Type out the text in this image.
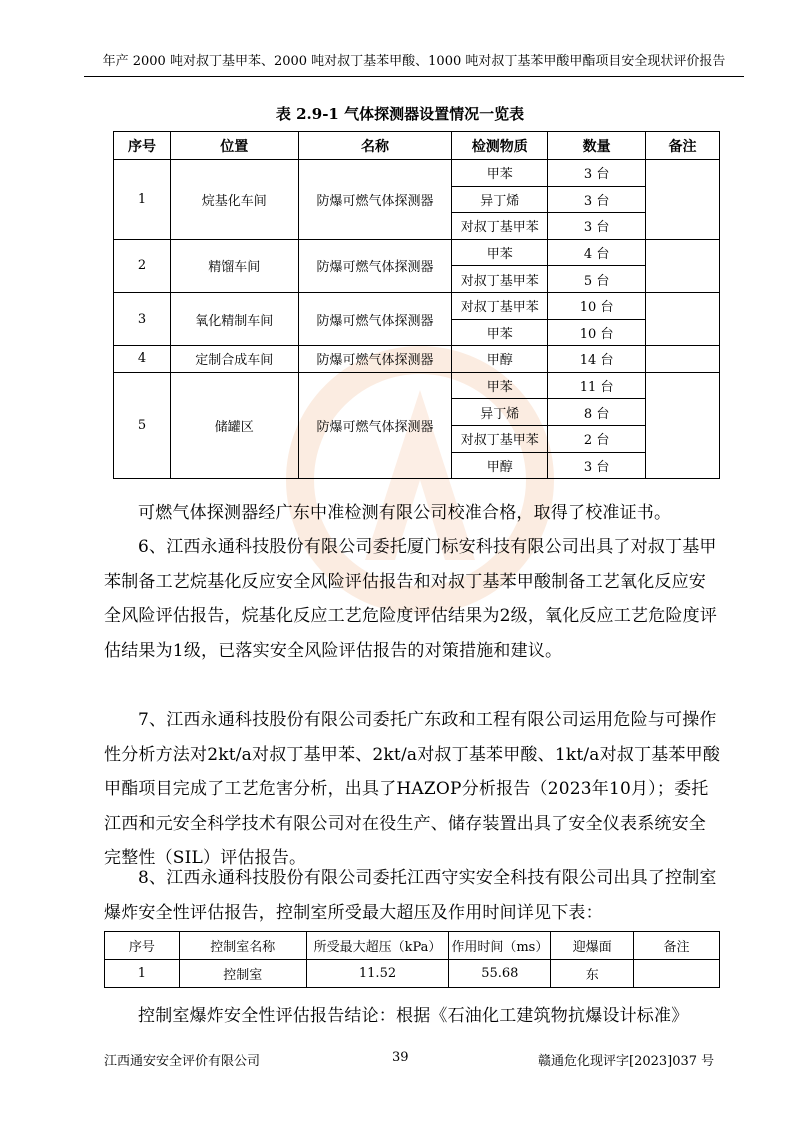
年产 2000 吨对叔丁基甲苯、2000 吨对叔丁基苯甲酸、1000 吨对叔丁基苯甲酸甲酯项目安全现状评价报告
表 2.9-1 气体探测器设置情况一览表
序号	位置	名称	检测物质	数量	备注
1	烷基化车间	防爆可燃气体探测器	甲苯	3 台	
			异丁烯	3 台	
			对叔丁基甲苯	3 台	
2	精馏车间	防爆可燃气体探测器	甲苯	4 台	
			对叔丁基甲苯	5 台	
3	氧化精制车间	防爆可燃气体探测器	对叔丁基甲苯	10 台	
			甲苯	10 台	
4	定制合成车间	防爆可燃气体探测器	甲醇	14 台	
5	储罐区	防爆可燃气体探测器	甲苯	11 台	
			异丁烯	8 台	
			对叔丁基甲苯	2 台	
			甲醇	3 台	
可燃气体探测器经广东中准检测有限公司校准合格，取得了校准证书。
6、江西永通科技股份有限公司委托厦门标安科技有限公司出具了对叔丁基甲苯制备工艺烷基化反应安全风险评估报告和对叔丁基苯甲酸制备工艺氧化反应安全风险评估报告，烷基化反应工艺危险度评估结果为2级，氧化反应工艺危险度评估结果为1级，已落实安全风险评估报告的对策措施和建议。
7、江西永通科技股份有限公司委托广东政和工程有限公司运用危险与可操作性分析方法对2kt/a对叔丁基甲苯、2kt/a对叔丁基苯甲酸、1kt/a对叔丁基苯甲酸甲酯项目完成了工艺危害分析，出具了HAZOP分析报告（2023年10月）；委托江西和元安全科学技术有限公司对在役生产、储存装置出具了安全仪表系统安全完整性（SIL）评估报告。
8、江西永通科技股份有限公司委托江西守实安全科技有限公司出具了控制室爆炸安全性评估报告，控制室所受最大超压及作用时间详见下表：
序号	控制室名称	所受最大超压（kPa）	作用时间（ms）	迎爆面	备注
1	控制室	11.52	55.68	东	
控制室爆炸安全性评估报告结论：根据《石油化工建筑物抗爆设计标准》
江西通安安全评价有限公司	39	赣通危化现评字[2023]037 号
